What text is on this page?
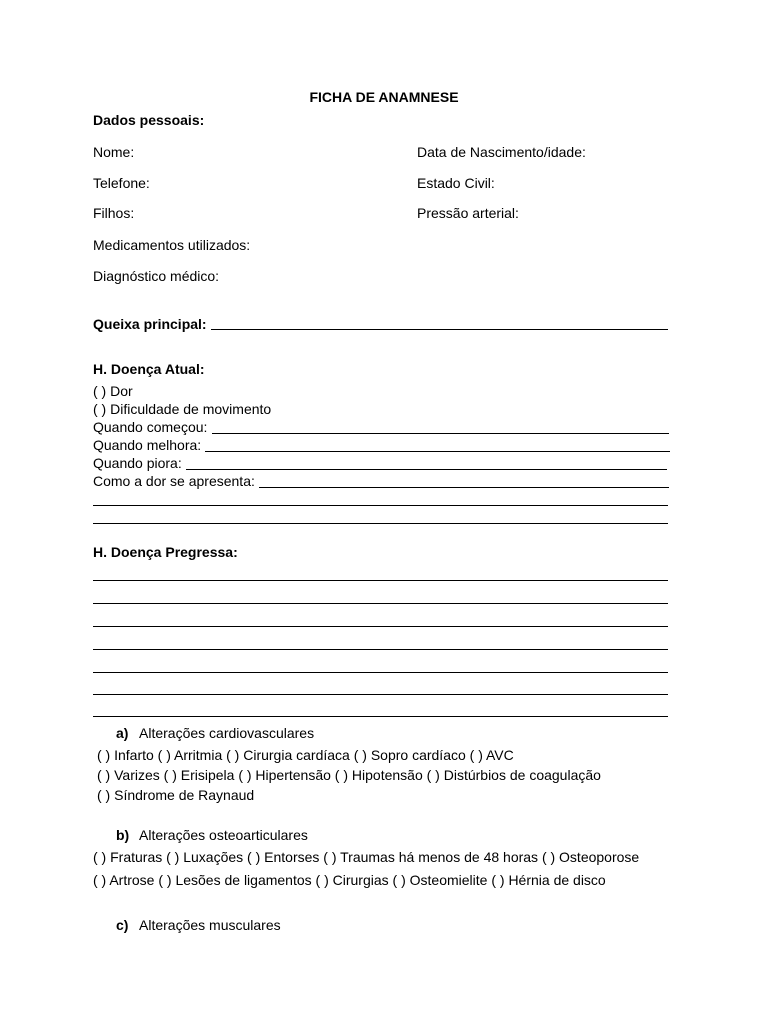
FICHA DE ANAMNESE
Dados pessoais:
Nome:	Data de Nascimento/idade:
Telefone:	Estado Civil:
Filhos:	Pressão arterial:
Medicamentos utilizados:
Diagnóstico médico:
Queixa principal:
H. Doença Atual:
( ) Dor
( ) Dificuldade de movimento
Quando começou:
Quando melhora:
Quando piora:
Como a dor se apresenta:
H. Doença Pregressa:
a) Alterações cardiovasculares
( ) Infarto ( ) Arritmia ( ) Cirurgia cardíaca ( ) Sopro cardíaco ( ) AVC
( ) Varizes ( ) Erisipela ( ) Hipertensão ( ) Hipotensão ( ) Distúrbios de coagulação
( ) Síndrome de Raynaud
b) Alterações osteoarticulares
( ) Fraturas ( ) Luxações ( ) Entorses ( ) Traumas há menos de 48 horas ( ) Osteoporose
( ) Artrose ( ) Lesões de ligamentos ( ) Cirurgias ( ) Osteomielite ( ) Hérnia de disco
c) Alterações musculares
